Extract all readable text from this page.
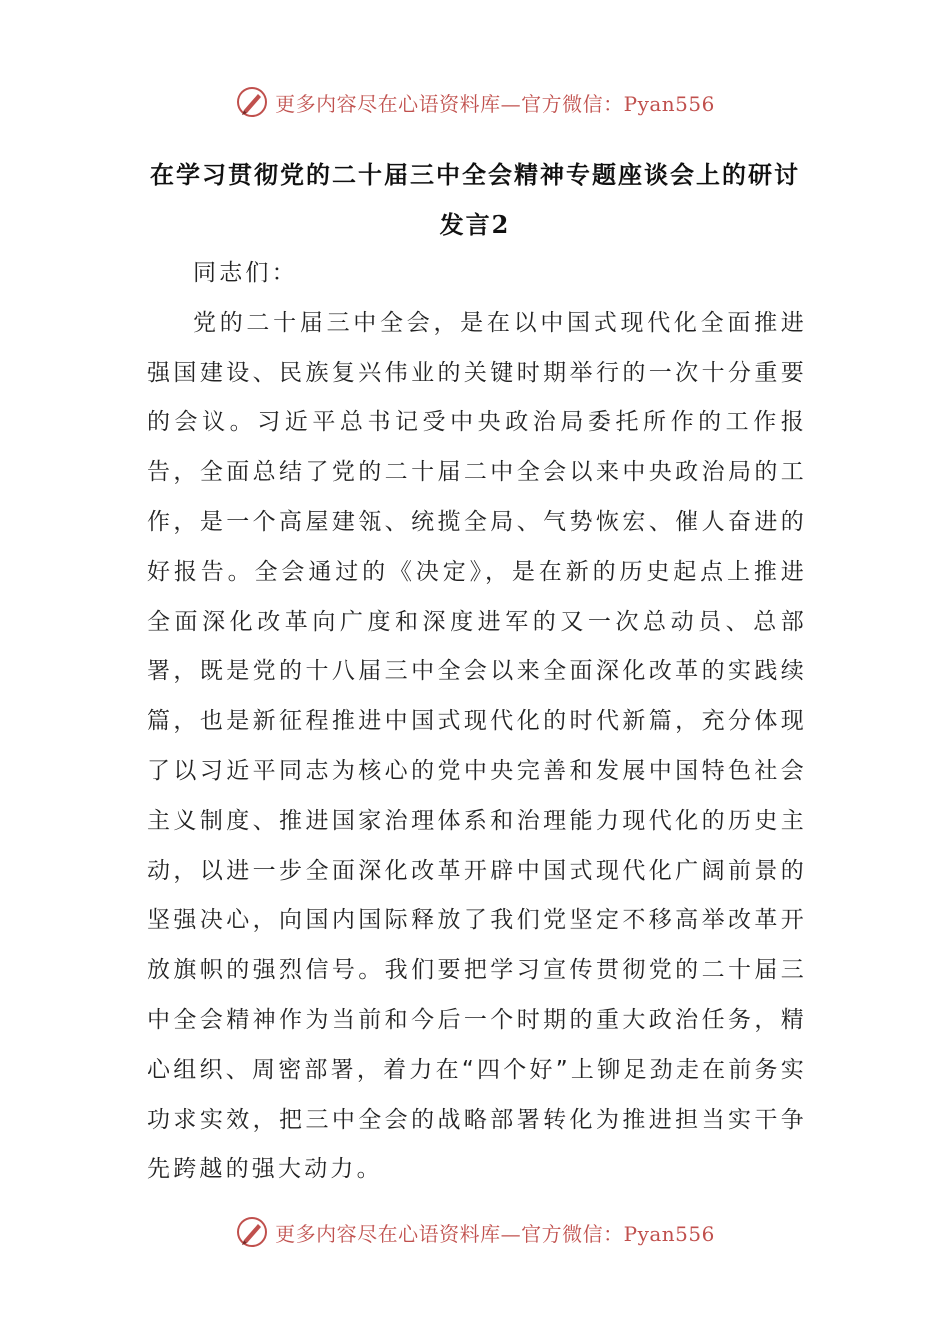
更多内容尽在心语资料库—官方微信：Pyan556
在学习贯彻党的二十届三中全会精神专题座谈会上的研讨
发言2
同志们：
党的二十届三中全会，是在以中国式现代化全面推进强国建设、民族复兴伟业的关键时期举行的一次十分重要的会议。习近平总书记受中央政治局委托所作的工作报告，全面总结了党的二十届二中全会以来中央政治局的工作，是一个高屋建瓴、统揽全局、气势恢宏、催人奋进的好报告。全会通过的《决定》，是在新的历史起点上推进全面深化改革向广度和深度进军的又一次总动员、总部署，既是党的十八届三中全会以来全面深化改革的实践续篇，也是新征程推进中国式现代化的时代新篇，充分体现了以习近平同志为核心的党中央完善和发展中国特色社会主义制度、推进国家治理体系和治理能力现代化的历史主动，以进一步全面深化改革开辟中国式现代化广阔前景的坚强决心，向国内国际释放了我们党坚定不移高举改革开放旗帜的强烈信号。我们要把学习宣传贯彻党的二十届三中全会精神作为当前和今后一个时期的重大政治任务，精心组织、周密部署，着力在“四个好”上铆足劲走在前务实功求实效，把三中全会的战略部署转化为推进担当实干争先跨越的强大动力。
更多内容尽在心语资料库—官方微信：Pyan556
